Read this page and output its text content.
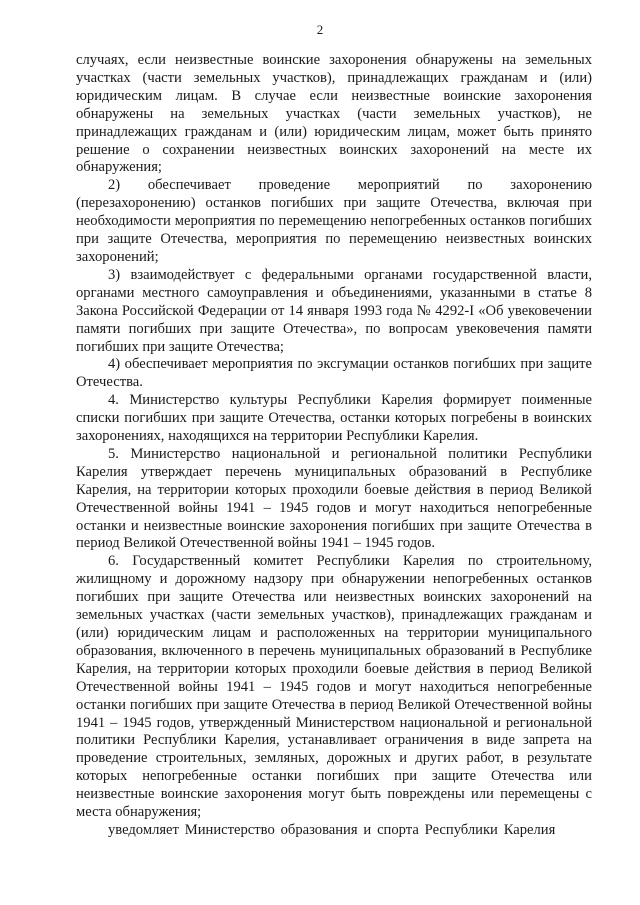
2

случаях, если неизвестные воинские захоронения обнаружены на земельных участках (части земельных участков), принадлежащих гражданам и (или) юридическим лицам. В случае если неизвестные воинские захоронения обнаружены на земельных участках (части земельных участков), не принадлежащих гражданам и (или) юридическим лицам, может быть принято решение о сохранении неизвестных воинских захоронений на месте их обнаружения;

2) обеспечивает проведение мероприятий по захоронению (перезахоронению) останков погибших при защите Отечества, включая при необходимости мероприятия по перемещению непогребенных останков погибших при защите Отечества, мероприятия по перемещению неизвестных воинских захоронений;

3) взаимодействует с федеральными органами государственной власти, органами местного самоуправления и объединениями, указанными в статье 8 Закона Российской Федерации от 14 января 1993 года № 4292-I «Об увековечении памяти погибших при защите Отечества», по вопросам увековечения памяти погибших при защите Отечества;

4) обеспечивает мероприятия по эксгумации останков погибших при защите Отечества.

4. Министерство культуры Республики Карелия формирует поименные списки погибших при защите Отечества, останки которых погребены в воинских захоронениях, находящихся на территории Республики Карелия.

5. Министерство национальной и региональной политики Республики Карелия утверждает перечень муниципальных образований в Республике Карелия, на территории которых проходили боевые действия в период Великой Отечественной войны 1941 – 1945 годов и могут находиться непогребенные останки и неизвестные воинские захоронения погибших при защите Отечества в период Великой Отечественной войны 1941 – 1945 годов.

6. Государственный комитет Республики Карелия по строительному, жилищному и дорожному надзору при обнаружении непогребенных останков погибших при защите Отечества или неизвестных воинских захоронений на земельных участках (части земельных участков), принадлежащих гражданам и (или) юридическим лицам и расположенных на территории муниципального образования, включенного в перечень муниципальных образований в Республике Карелия, на территории которых проходили боевые действия в период Великой Отечественной войны 1941 – 1945 годов и могут находиться непогребенные останки погибших при защите Отечества в период Великой Отечественной войны 1941 – 1945 годов, утвержденный Министерством национальной и региональной политики Республики Карелия, устанавливает ограничения в виде запрета на проведение строительных, земляных, дорожных и других работ, в результате которых непогребенные останки погибших при защите Отечества или неизвестные воинские захоронения могут быть повреждены или перемещены с места обнаружения;

уведомляет Министерство образования и спорта Республики Карелия
